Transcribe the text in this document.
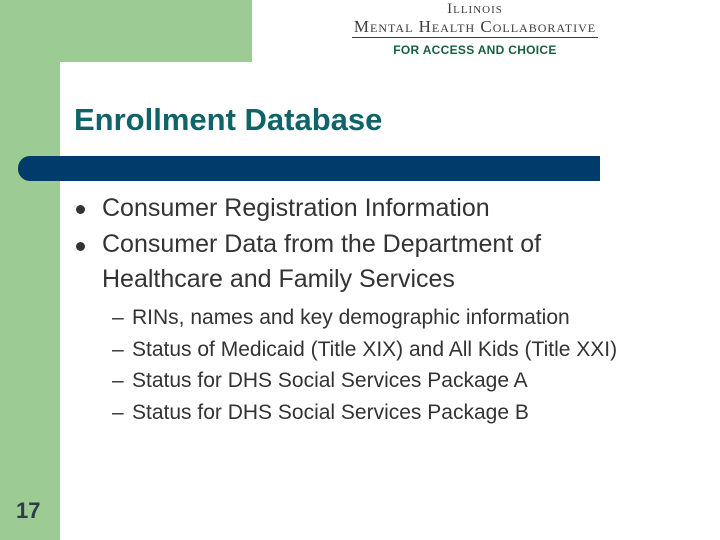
Illinois
Mental Health Collaborative
FOR ACCESS AND CHOICE
Enrollment Database
Consumer Registration Information
Consumer Data from the Department of Healthcare and Family Services
– RINs, names and key demographic information
– Status of Medicaid (Title XIX) and All Kids (Title XXI)
– Status for DHS Social Services Package A
– Status for DHS Social Services Package B
17
